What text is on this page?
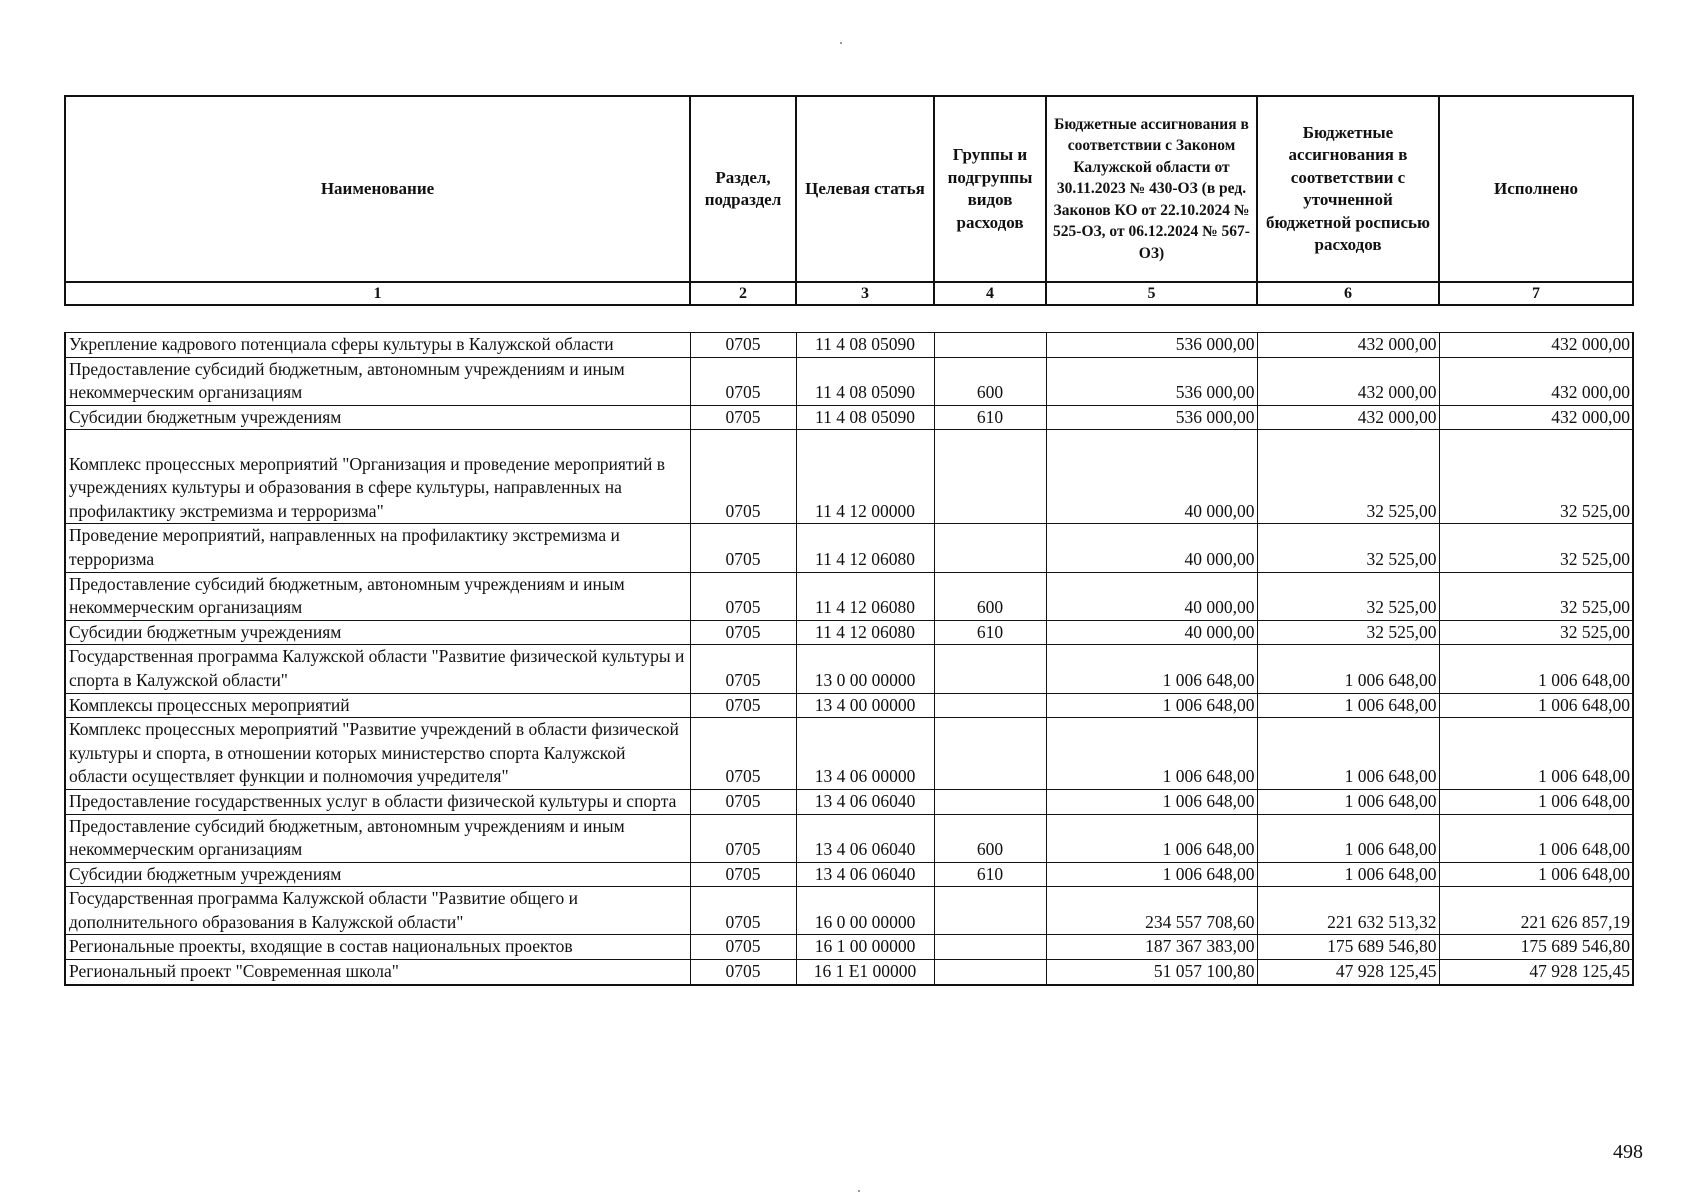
Наименование	Раздел, подраздел	Целевая статья	Группы и подгруппы видов расходов	Бюджетные ассигнования в соответствии с Законом Калужской области от 30.11.2023 № 430-ОЗ (в ред. Законов КО от 22.10.2024 № 525-ОЗ, от 06.12.2024 № 567-ОЗ)	Бюджетные ассигнования в соответствии с уточненной бюджетной росписью расходов	Исполнено
1	2	3	4	5	6	7

Укрепление кадрового потенциала сферы культуры в Калужской области	0705	11 4 08 05090		536 000,00	432 000,00	432 000,00
Предоставление субсидий бюджетным, автономным учреждениям и иным некоммерческим организациям	0705	11 4 08 05090	600	536 000,00	432 000,00	432 000,00
Субсидии бюджетным учреждениям	0705	11 4 08 05090	610	536 000,00	432 000,00	432 000,00
Комплекс процессных мероприятий "Организация и проведение мероприятий в учреждениях культуры и образования в сфере культуры, направленных на профилактику экстремизма и терроризма"	0705	11 4 12 00000		40 000,00	32 525,00	32 525,00
Проведение мероприятий, направленных на профилактику экстремизма и терроризма	0705	11 4 12 06080		40 000,00	32 525,00	32 525,00
Предоставление субсидий бюджетным, автономным учреждениям и иным некоммерческим организациям	0705	11 4 12 06080	600	40 000,00	32 525,00	32 525,00
Субсидии бюджетным учреждениям	0705	11 4 12 06080	610	40 000,00	32 525,00	32 525,00
Государственная программа Калужской области "Развитие физической культуры и спорта в Калужской области"	0705	13 0 00 00000		1 006 648,00	1 006 648,00	1 006 648,00
Комплексы процессных мероприятий	0705	13 4 00 00000		1 006 648,00	1 006 648,00	1 006 648,00
Комплекс процессных мероприятий "Развитие учреждений в области физической культуры и спорта, в отношении которых министерство спорта Калужской области осуществляет функции и полномочия учредителя"	0705	13 4 06 00000		1 006 648,00	1 006 648,00	1 006 648,00
Предоставление государственных услуг в области физической культуры и спорта	0705	13 4 06 06040		1 006 648,00	1 006 648,00	1 006 648,00
Предоставление субсидий бюджетным, автономным учреждениям и иным некоммерческим организациям	0705	13 4 06 06040	600	1 006 648,00	1 006 648,00	1 006 648,00
Субсидии бюджетным учреждениям	0705	13 4 06 06040	610	1 006 648,00	1 006 648,00	1 006 648,00
Государственная программа Калужской области "Развитие общего и дополнительного образования в Калужской области"	0705	16 0 00 00000		234 557 708,60	221 632 513,32	221 626 857,19
Региональные проекты, входящие в состав национальных проектов	0705	16 1 00 00000		187 367 383,00	175 689 546,80	175 689 546,80
Региональный проект "Современная школа"	0705	16 1 Е1 00000		51 057 100,80	47 928 125,45	47 928 125,45
498
